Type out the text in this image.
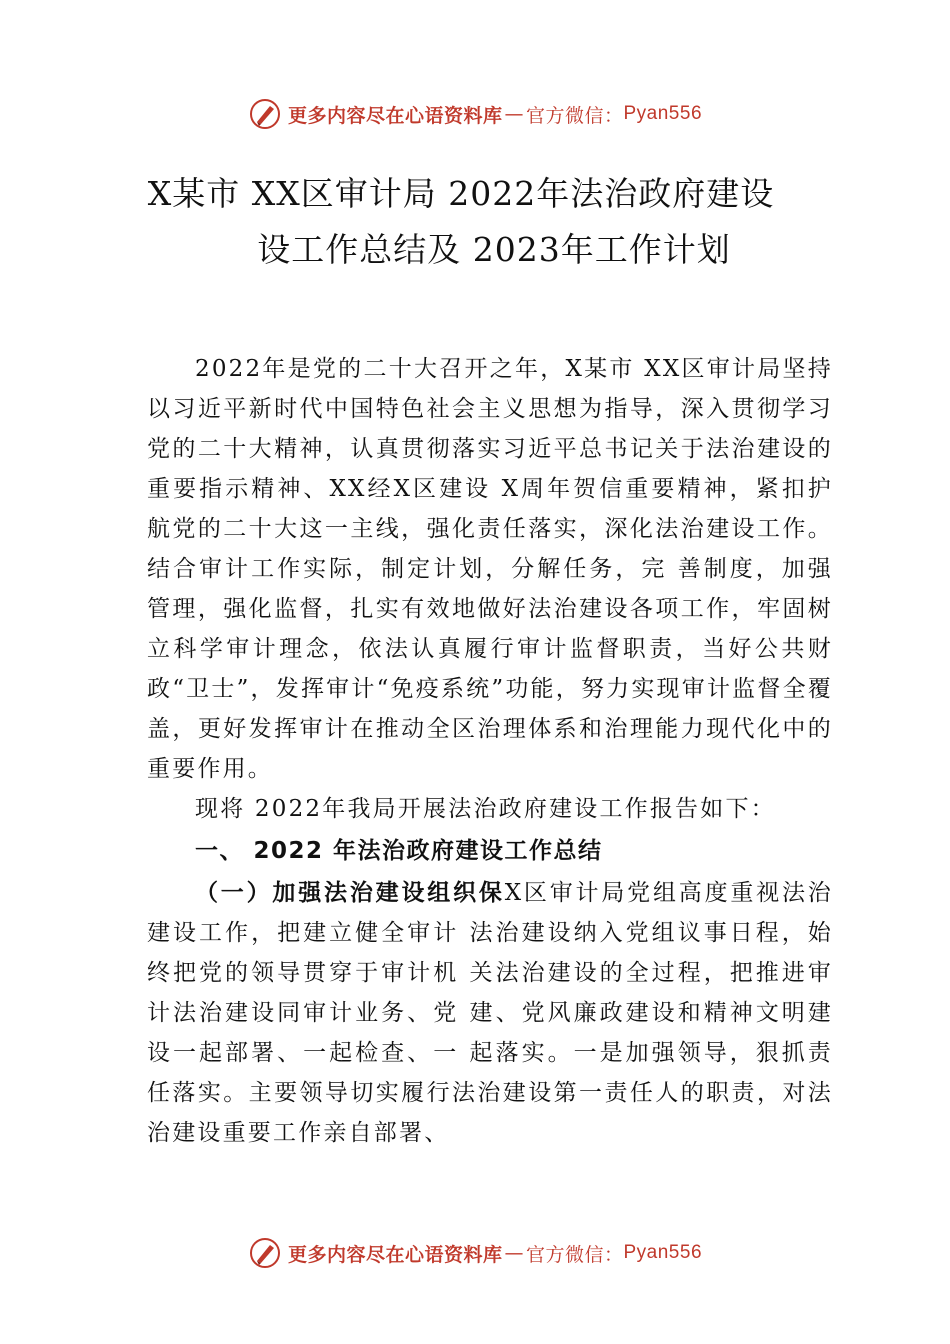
更多内容尽在心语资料库 — 官方微信： Pyan556
X某市 XX区审计局 2022年法治政府建设
设工作总结及 2023年工作计划

2022年是党的二十大召开之年，X某市 XX区审计局坚持以习近平新时代中国特色社会主义思想为指导，深入贯彻学习党的二十大精神，认真贯彻落实习近平总书记关于法治建设的重要指示精神、XX经X区建设 X周年贺信重要精神，紧扣护航党的二十大这一主线，强化责任落实，深化法治建设工作。结合审计工作实际，制定计划，分解任务，完 善制度，加强管理，强化监督，扎实有效地做好法治建设各项工作，牢固树立科学审计理念，依法认真履行审计监督职责，当好公共财政“卫士”，发挥审计“免疫系统”功能，努力实现审计监督全覆盖，更好发挥审计在推动全区治理体系和治理能力现代化中的重要作用。

现将 2022年我局开展法治政府建设工作报告如下：

一、 2022 年法治政府建设工作总结

（一）加强法治建设组织保X区审计局党组高度重视法治建设工作，把建立健全审计 法治建设纳入党组议事日程，始终把党的领导贯穿于审计机 关法治建设的全过程，把推进审计法治建设同审计业务、党 建、党风廉政建设和精神文明建设一起部署、一起检查、一 起落实。一是加强领导，狠抓责任落实。主要领导切实履行法治建设第一责任人的职责，对法治建设重要工作亲自部署、

更多内容尽在心语资料库 — 官方微信： Pyan556
